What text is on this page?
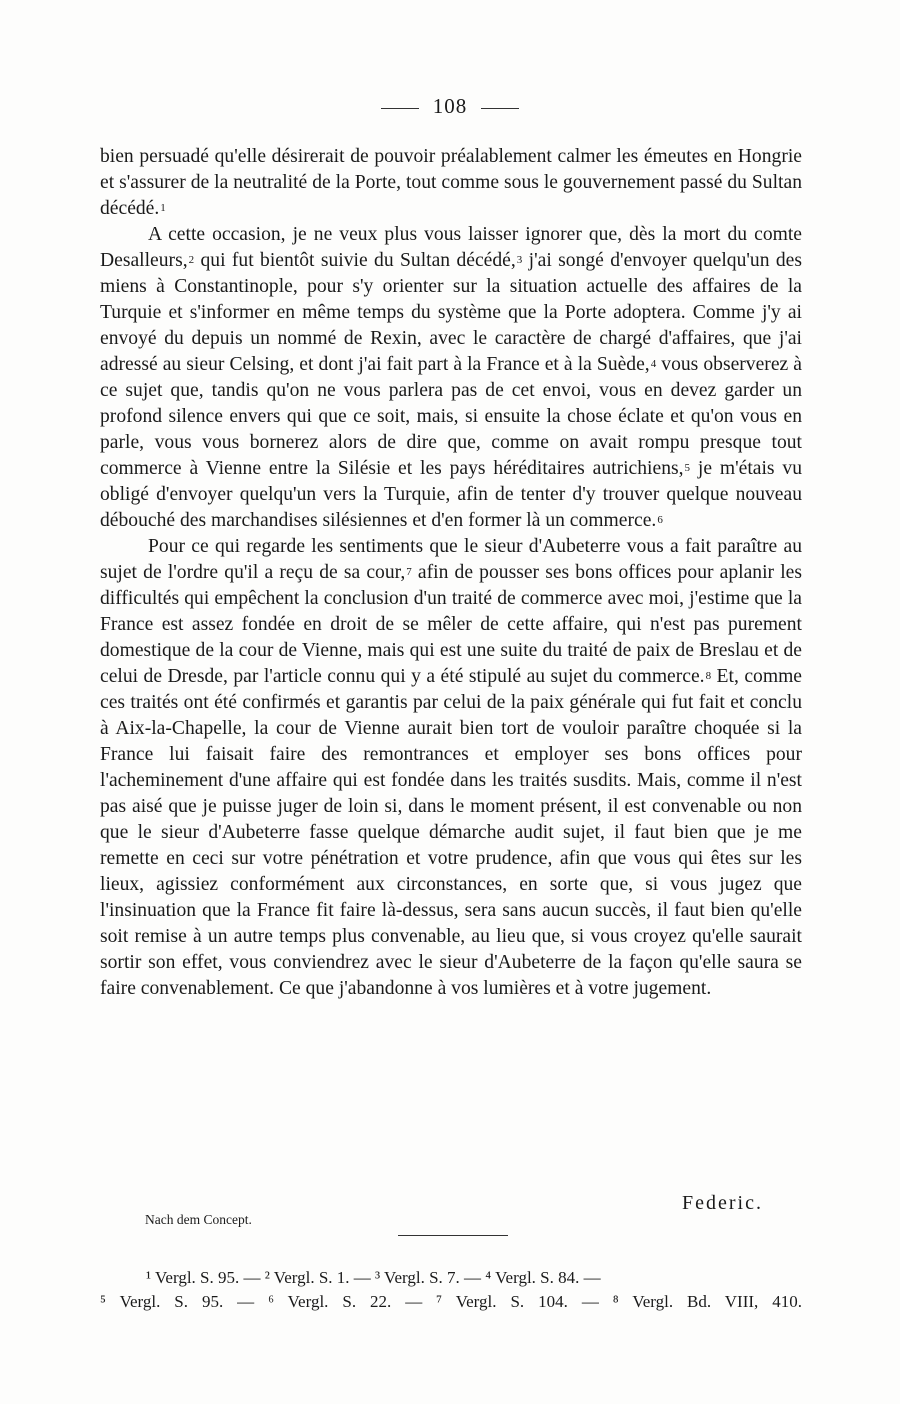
108

bien persuadé qu'elle désirerait de pouvoir préalablement calmer les émeutes en Hongrie et s'assurer de la neutralité de la Porte, tout comme sous le gouvernement passé du Sultan décédé.$^1$

A cette occasion, je ne veux plus vous laisser ignorer que, dès la mort du comte Desalleurs,$^2$ qui fut bientôt suivie du Sultan décédé,$^3$ j'ai songé d'envoyer quelqu'un des miens à Constantinople, pour s'y orienter sur la situation actuelle des affaires de la Turquie et s'informer en même temps du système que la Porte adoptera. Comme j'y ai envoyé du depuis un nommé de Rexin, avec le caractère de chargé d'affaires, que j'ai adressé au sieur Celsing, et dont j'ai fait part à la France et à la Suède,$^4$ vous observerez à ce sujet que, tandis qu'on ne vous parlera pas de cet envoi, vous en devez garder un profond silence envers qui que ce soit, mais, si ensuite la chose éclate et qu'on vous en parle, vous vous bornerez alors de dire que, comme on avait rompu presque tout commerce à Vienne entre la Silésie et les pays héréditaires autrichiens,$^5$ je m'étais vu obligé d'envoyer quelqu'un vers la Turquie, afin de tenter d'y trouver quelque nouveau débouché des marchandises silésiennes et d'en former là un commerce.$^6$

Pour ce qui regarde les sentiments que le sieur d'Aubeterre vous a fait paraître au sujet de l'ordre qu'il a reçu de sa cour,$^7$ afin de pousser ses bons offices pour aplanir les difficultés qui empêchent la conclusion d'un traité de commerce avec moi, j'estime que la France est assez fondée en droit de se mêler de cette affaire, qui n'est pas purement domestique de la cour de Vienne, mais qui est une suite du traité de paix de Breslau et de celui de Dresde, par l'article connu qui y a été stipulé au sujet du commerce.$^8$ Et, comme ces traités ont été confirmés et garantis par celui de la paix générale qui fut fait et conclu à Aix-la-Chapelle, la cour de Vienne aurait bien tort de vouloir paraître choquée si la France lui faisait faire des remontrances et employer ses bons offices pour l'acheminement d'une affaire qui est fondée dans les traités susdits. Mais, comme il n'est pas aisé que je puisse juger de loin si, dans le moment présent, il est convenable ou non que le sieur d'Aubeterre fasse quelque démarche audit sujet, il faut bien que je me remette en ceci sur votre pénétration et votre prudence, afin que vous qui êtes sur les lieux, agissiez conformément aux circonstances, en sorte que, si vous jugez que l'insinuation que la France fit faire là-dessus, sera sans aucun succès, il faut bien qu'elle soit remise à un autre temps plus convenable, au lieu que, si vous croyez qu'elle saurait sortir son effet, vous conviendrez avec le sieur d'Aubeterre de la façon qu'elle saura se faire convenablement. Ce que j'abandonne à vos lumières et à votre jugement.

Federic.
Nach dem Concept.
¹ Vergl. S. 95. — ² Vergl. S. 1. — ³ Vergl. S. 7. — ⁴ Vergl. S. 84. —
⁵ Vergl. S. 95. — ⁶ Vergl. S. 22. — ⁷ Vergl. S. 104. — ⁸ Vergl. Bd. VIII, 410.
